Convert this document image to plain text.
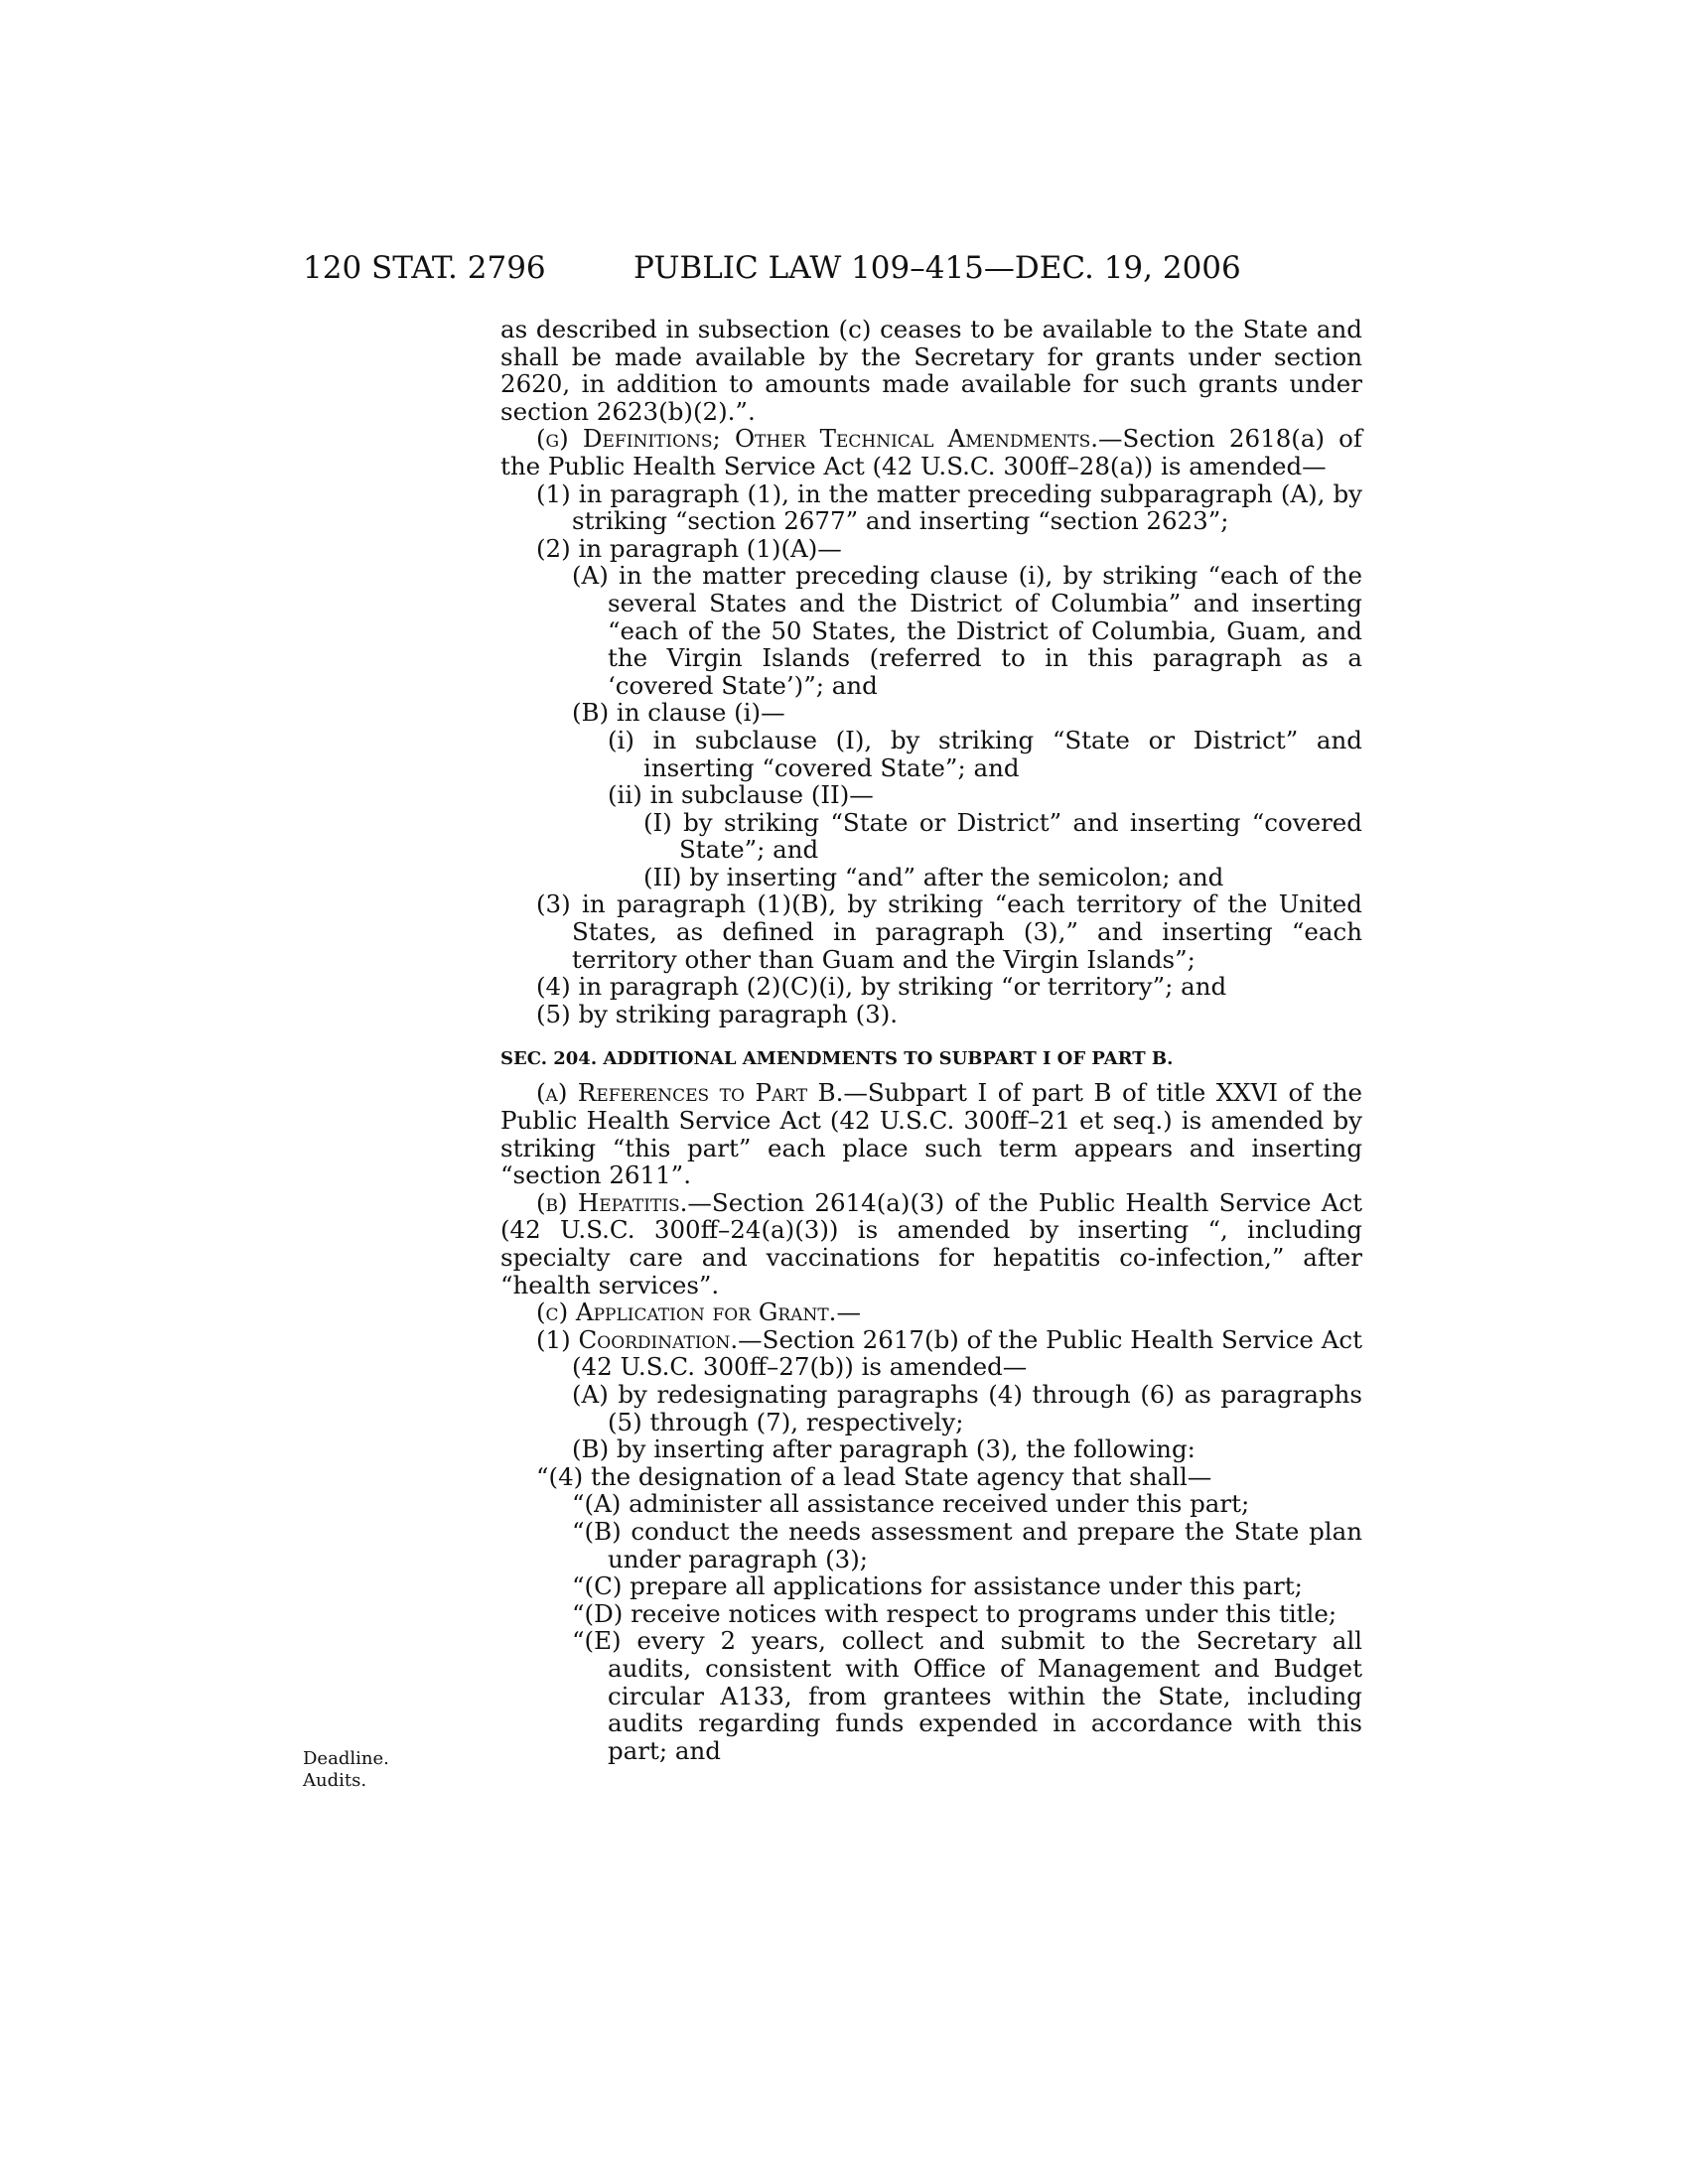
120 STAT. 2796	PUBLIC LAW 109–415—DEC. 19, 2006

as described in subsection (c) ceases to be available to the State and shall be made available by the Secretary for grants under section 2620, in addition to amounts made available for such grants under section 2623(b)(2).”.

(g) Definitions; Other Technical Amendments.—Section 2618(a) of the Public Health Service Act (42 U.S.C. 300ff–28(a)) is amended—

(1) in paragraph (1), in the matter preceding subparagraph (A), by striking “section 2677” and inserting “section 2623”;

(2) in paragraph (1)(A)—

(A) in the matter preceding clause (i), by striking “each of the several States and the District of Columbia” and inserting “each of the 50 States, the District of Columbia, Guam, and the Virgin Islands (referred to in this paragraph as a ‘covered State’)”; and

(B) in clause (i)—

(i) in subclause (I), by striking “State or District” and inserting “covered State”; and

(ii) in subclause (II)—

(I) by striking “State or District” and inserting “covered State”; and

(II) by inserting “and” after the semicolon; and

(3) in paragraph (1)(B), by striking “each territory of the United States, as defined in paragraph (3),” and inserting “each territory other than Guam and the Virgin Islands”;

(4) in paragraph (2)(C)(i), by striking “or territory”; and

(5) by striking paragraph (3).

SEC. 204. ADDITIONAL AMENDMENTS TO SUBPART I OF PART B.

(a) References to Part B.—Subpart I of part B of title XXVI of the Public Health Service Act (42 U.S.C. 300ff–21 et seq.) is amended by striking “this part” each place such term appears and inserting “section 2611”.

(b) Hepatitis.—Section 2614(a)(3) of the Public Health Service Act (42 U.S.C. 300ff–24(a)(3)) is amended by inserting “, including specialty care and vaccinations for hepatitis co-infection,” after “health services”.

(c) Application for Grant.—

(1) Coordination.—Section 2617(b) of the Public Health Service Act (42 U.S.C. 300ff–27(b)) is amended—

(A) by redesignating paragraphs (4) through (6) as paragraphs (5) through (7), respectively;

(B) by inserting after paragraph (3), the following:

“(4) the designation of a lead State agency that shall—

“(A) administer all assistance received under this part;

“(B) conduct the needs assessment and prepare the State plan under paragraph (3);

“(C) prepare all applications for assistance under this part;

“(D) receive notices with respect to programs under this title;

“(E) every 2 years, collect and submit to the Secretary all audits, consistent with Office of Management and Budget circular A133, from grantees within the State, including audits regarding funds expended in accordance with this part; and

Deadline.
Audits.
